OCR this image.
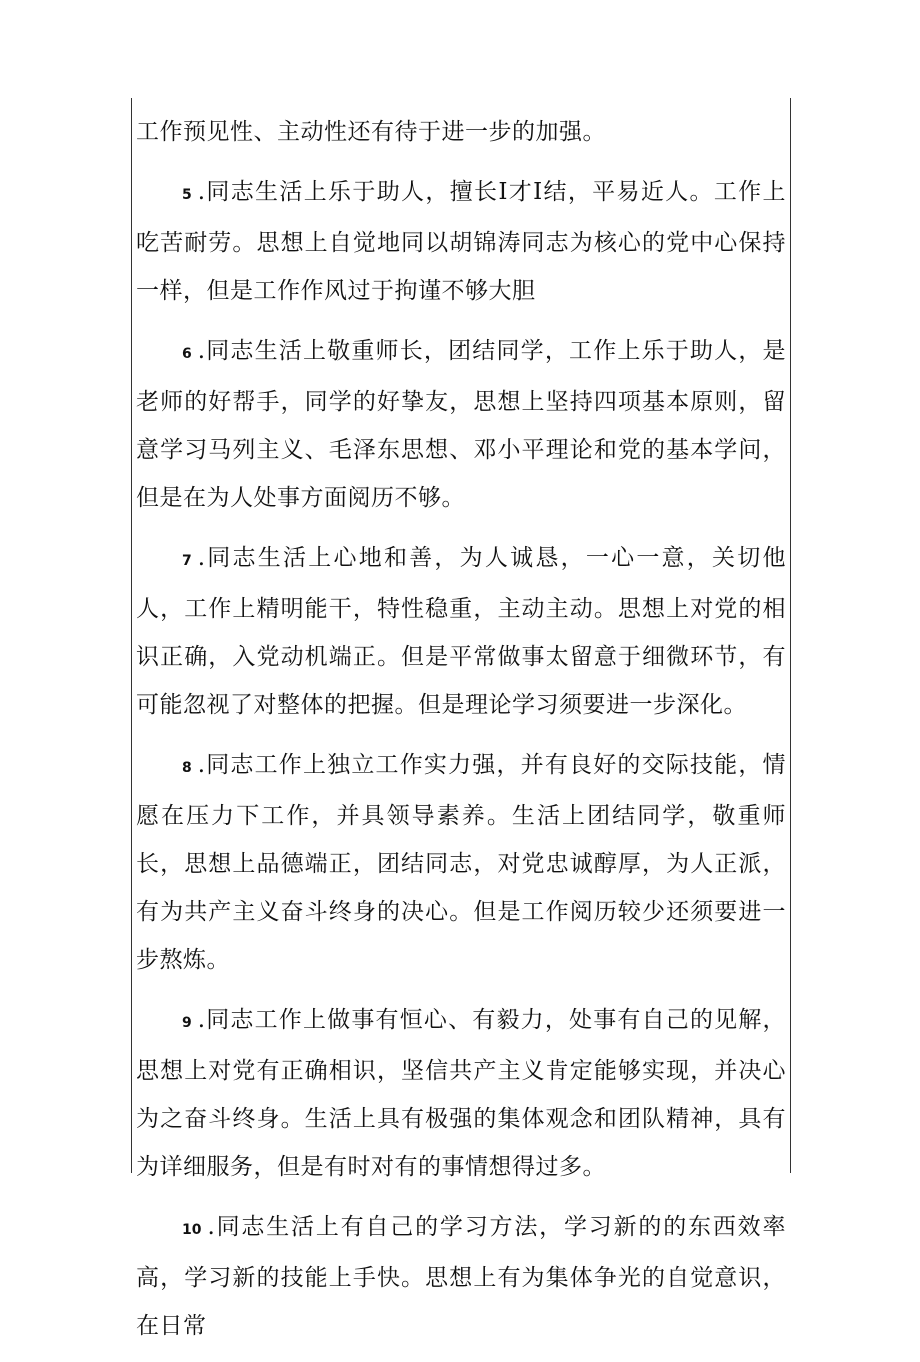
工作预见性、主动性还有待于进一步的加强。

5 .同志生活上乐于助人，擅长I才I结，平易近人。工作上吃苦耐劳。思想上自觉地同以胡锦涛同志为核心的党中心保持一样，但是工作作风过于拘谨不够大胆

6 .同志生活上敬重师长，团结同学，工作上乐于助人，是老师的好帮手，同学的好挚友，思想上坚持四项基本原则，留意学习马列主义、毛泽东思想、邓小平理论和党的基本学问，但是在为人处事方面阅历不够。

7 .同志生活上心地和善，为人诚恳，一心一意，关切他人，工作上精明能干，特性稳重，主动主动。思想上对党的相识正确，入党动机端正。但是平常做事太留意于细微环节，有可能忽视了对整体的把握。但是理论学习须要进一步深化。

8 .同志工作上独立工作实力强，并有良好的交际技能，情愿在压力下工作，并具领导素养。生活上团结同学，敬重师长，思想上品德端正，团结同志，对党忠诚醇厚，为人正派，有为共产主义奋斗终身的决心。但是工作阅历较少还须要进一步熬炼。

9 .同志工作上做事有恒心、有毅力，处事有自己的见解，思想上对党有正确相识，坚信共产主义肯定能够实现，并决心为之奋斗终身。生活上具有极强的集体观念和团队精神，具有为详细服务，但是有时对有的事情想得过多。

10 .同志生活上有自己的学习方法，学习新的的东西效率高，学习新的技能上手快。思想上有为集体争光的自觉意识，在日常
